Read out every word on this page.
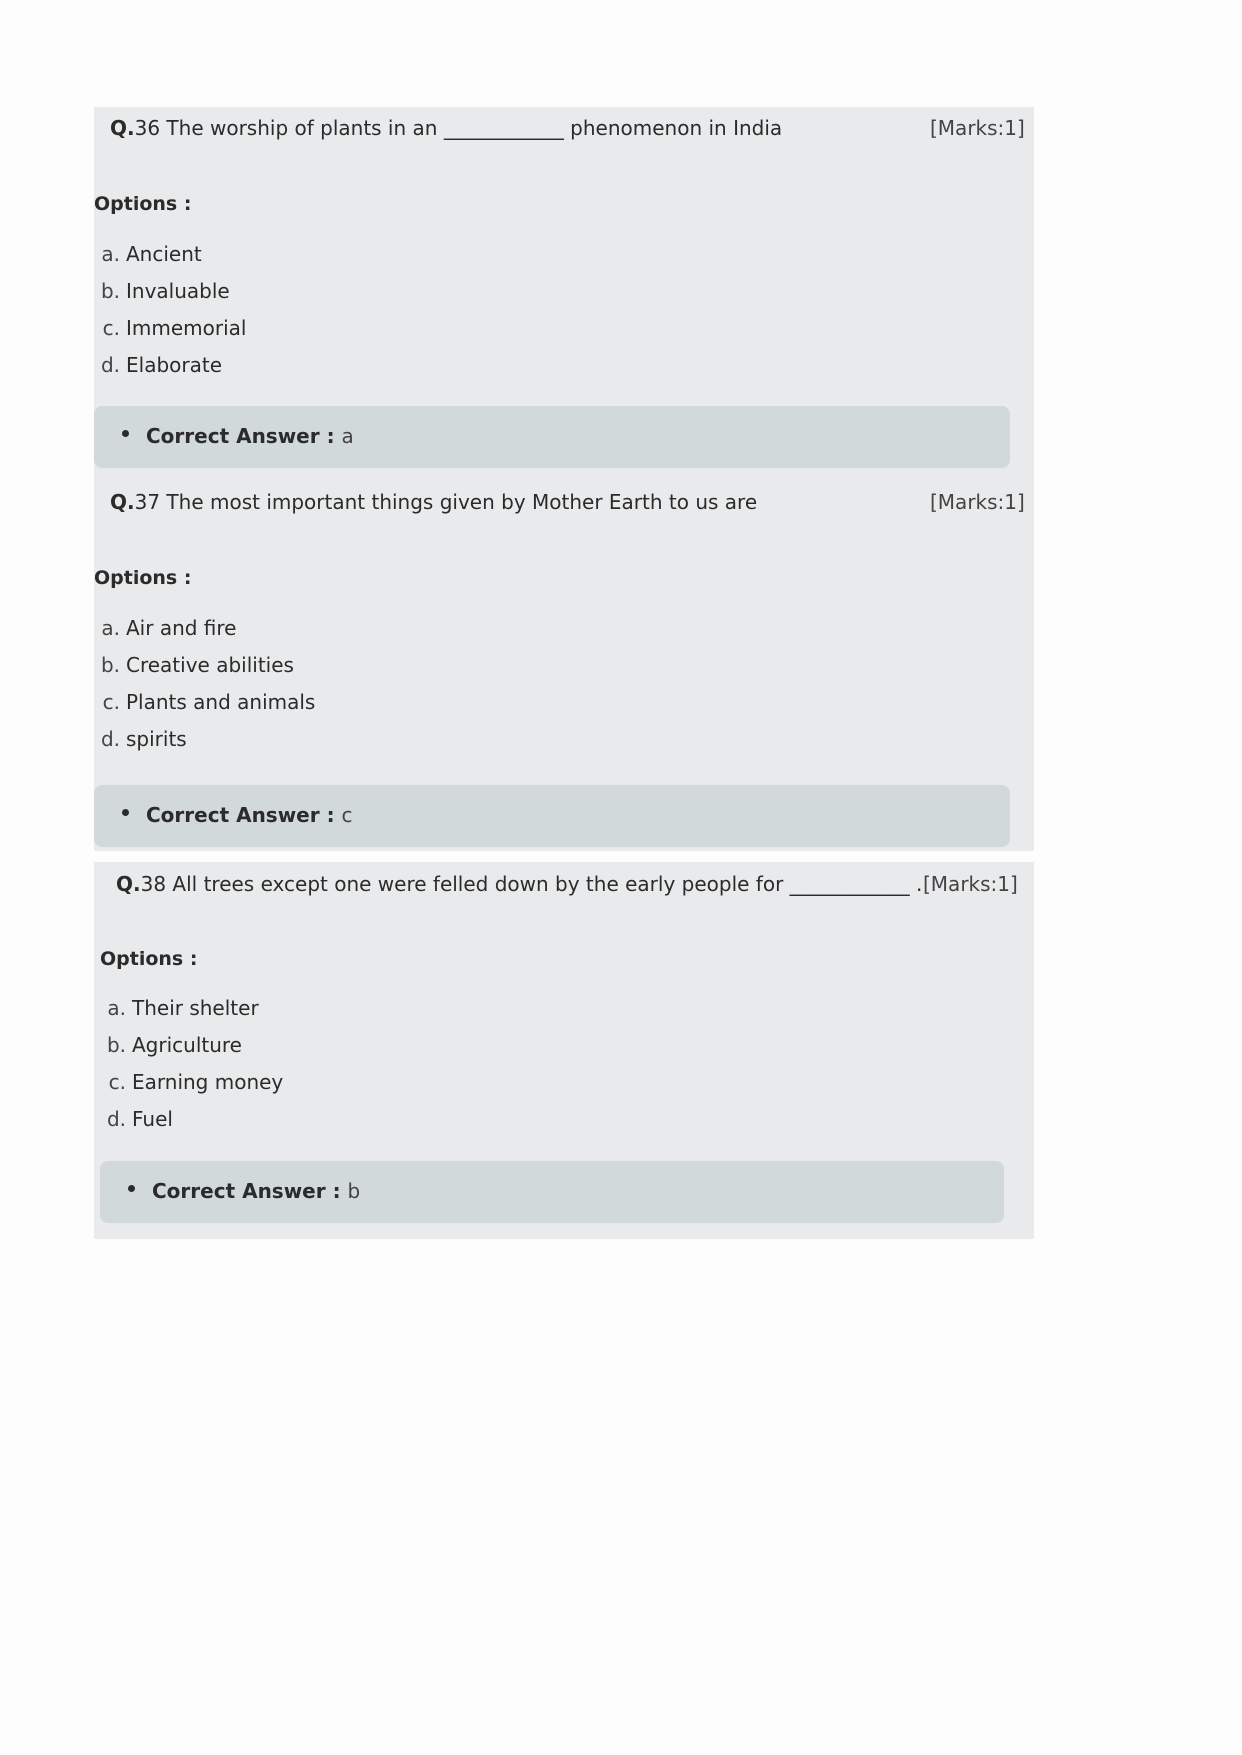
Q.36 The worship of plants in an ____________ phenomenon in India	[Marks:1]
Options :
a. Ancient
b. Invaluable
c. Immemorial
d. Elaborate
Correct Answer : a
Q.37 The most important things given by Mother Earth to us are	[Marks:1]
Options :
a. Air and fire
b. Creative abilities
c. Plants and animals
d. spirits
Correct Answer : c
Q.38 All trees except one were felled down by the early people for ____________ . [Marks:1]
Options :
a. Their shelter
b. Agriculture
c. Earning money
d. Fuel
Correct Answer : b
